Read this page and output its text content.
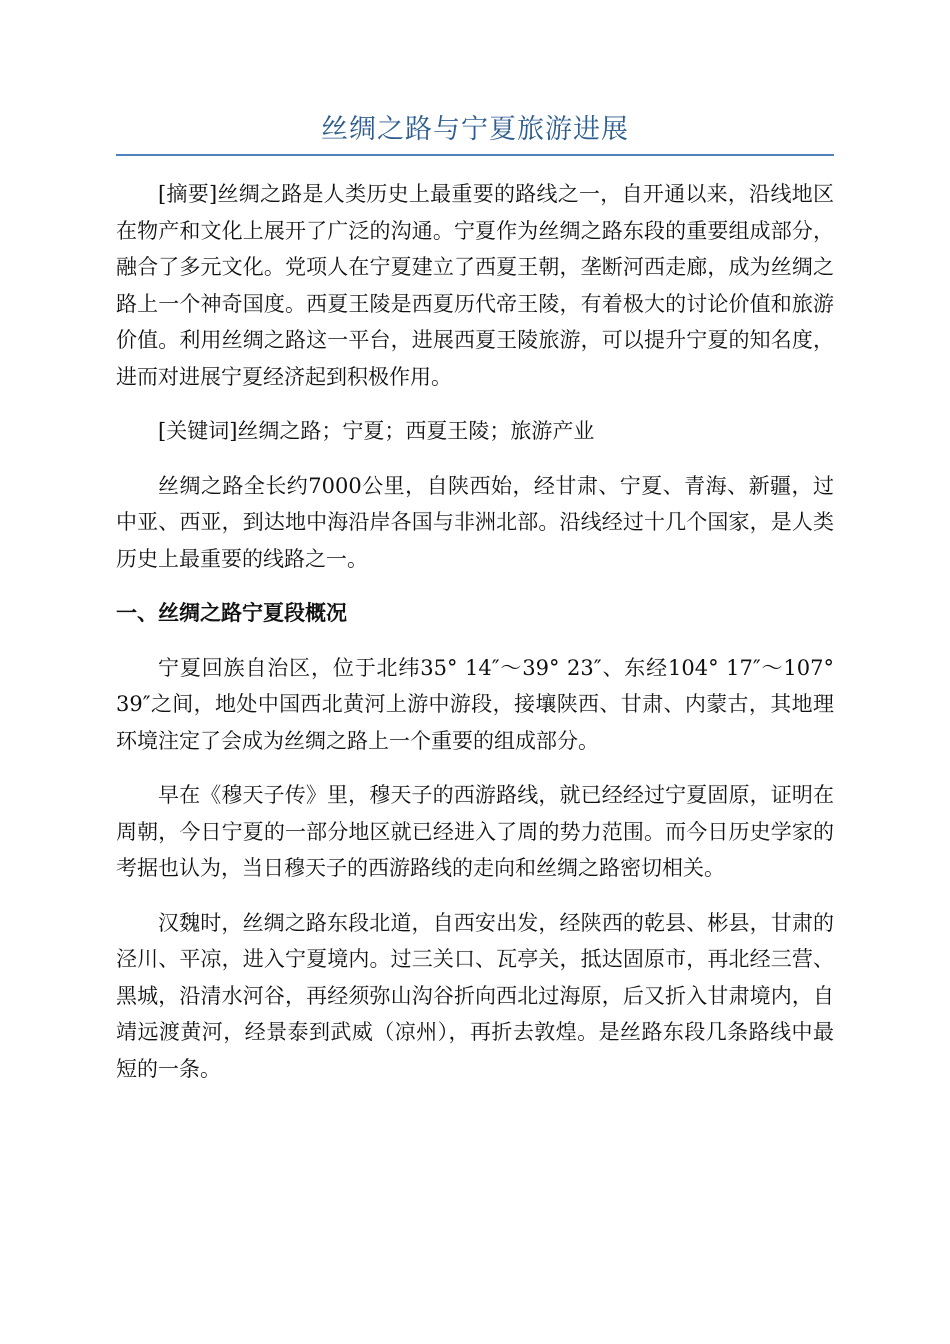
丝绸之路与宁夏旅游进展

[摘要]丝绸之路是人类历史上最重要的路线之一，自开通以来，沿线地区在物产和文化上展开了广泛的沟通。宁夏作为丝绸之路东段的重要组成部分，融合了多元文化。党项人在宁夏建立了西夏王朝，垄断河西走廊，成为丝绸之路上一个神奇国度。西夏王陵是西夏历代帝王陵，有着极大的讨论价值和旅游价值。利用丝绸之路这一平台，进展西夏王陵旅游，可以提升宁夏的知名度，进而对进展宁夏经济起到积极作用。

[关键词]丝绸之路；宁夏；西夏王陵；旅游产业

丝绸之路全长约7000公里，自陕西始，经甘肃、宁夏、青海、新疆，过中亚、西亚，到达地中海沿岸各国与非洲北部。沿线经过十几个国家，是人类历史上最重要的线路之一。

一、丝绸之路宁夏段概况

宁夏回族自治区，位于北纬35° 14″～39° 23″、东经104° 17″～107° 39″之间，地处中国西北黄河上游中游段，接壤陕西、甘肃、内蒙古，其地理环境注定了会成为丝绸之路上一个重要的组成部分。

早在《穆天子传》里，穆天子的西游路线，就已经经过宁夏固原，证明在周朝，今日宁夏的一部分地区就已经进入了周的势力范围。而今日历史学家的考据也认为，当日穆天子的西游路线的走向和丝绸之路密切相关。

汉魏时，丝绸之路东段北道，自西安出发，经陕西的乾县、彬县，甘肃的泾川、平凉，进入宁夏境内。过三关口、瓦亭关，抵达固原市，再北经三营、黑城，沿清水河谷，再经须弥山沟谷折向西北过海原，后又折入甘肃境内，自靖远渡黄河，经景泰到武威（凉州），再折去敦煌。是丝路东段几条路线中最短的一条。
